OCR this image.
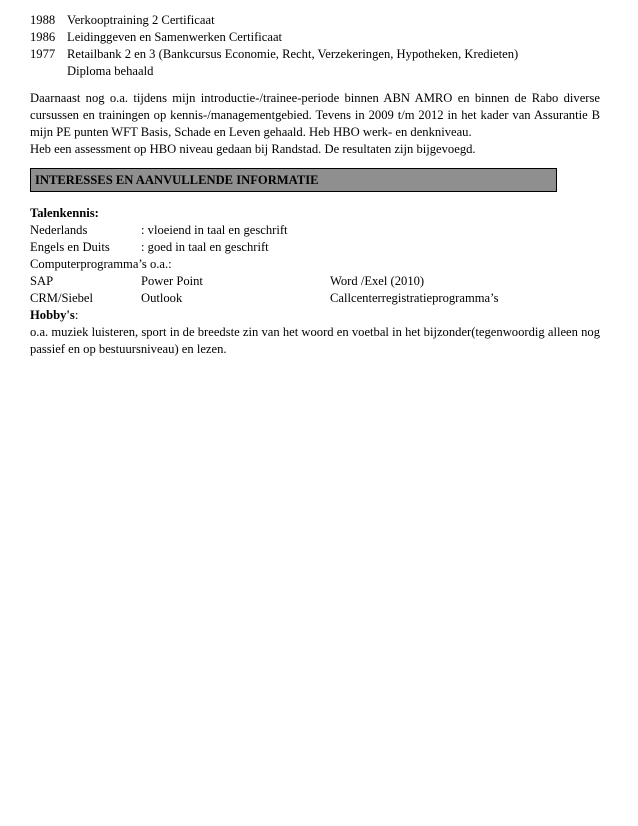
1988 Verkooptraining 2 Certificaat
1986 Leidinggeven en Samenwerken Certificaat
1977 Retailbank 2 en 3 (Bankcursus Economie, Recht, Verzekeringen, Hypotheken, Kredieten)
Diploma behaald

Daarnaast nog o.a. tijdens mijn introductie-/trainee-periode binnen ABN AMRO en binnen de Rabo diverse cursussen en trainingen op kennis-/managementgebied. Tevens in 2009 t/m 2012 in het kader van Assurantie B mijn PE punten WFT Basis, Schade en Leven gehaald. Heb HBO werk- en denkniveau.

Heb een assessment op HBO niveau gedaan bij Randstad. De resultaten zijn bijgevoegd.

INTERESSES EN AANVULLENDE INFORMATIE
Talenkennis:
Nederlands	: vloeiend in taal en geschrift
Engels en Duits : goed in taal en geschrift
Computerprogramma’s o.a.:
SAP	Power Point	Word /Exel (2010)
CRM/Siebel	Outlook	Callcenterregistratieprogramma’s
Hobby's:

o.a. muziek luisteren, sport in de breedste zin van het woord en voetbal in het bijzonder(tegenwoordig alleen nog passief en op bestuursniveau) en lezen.
